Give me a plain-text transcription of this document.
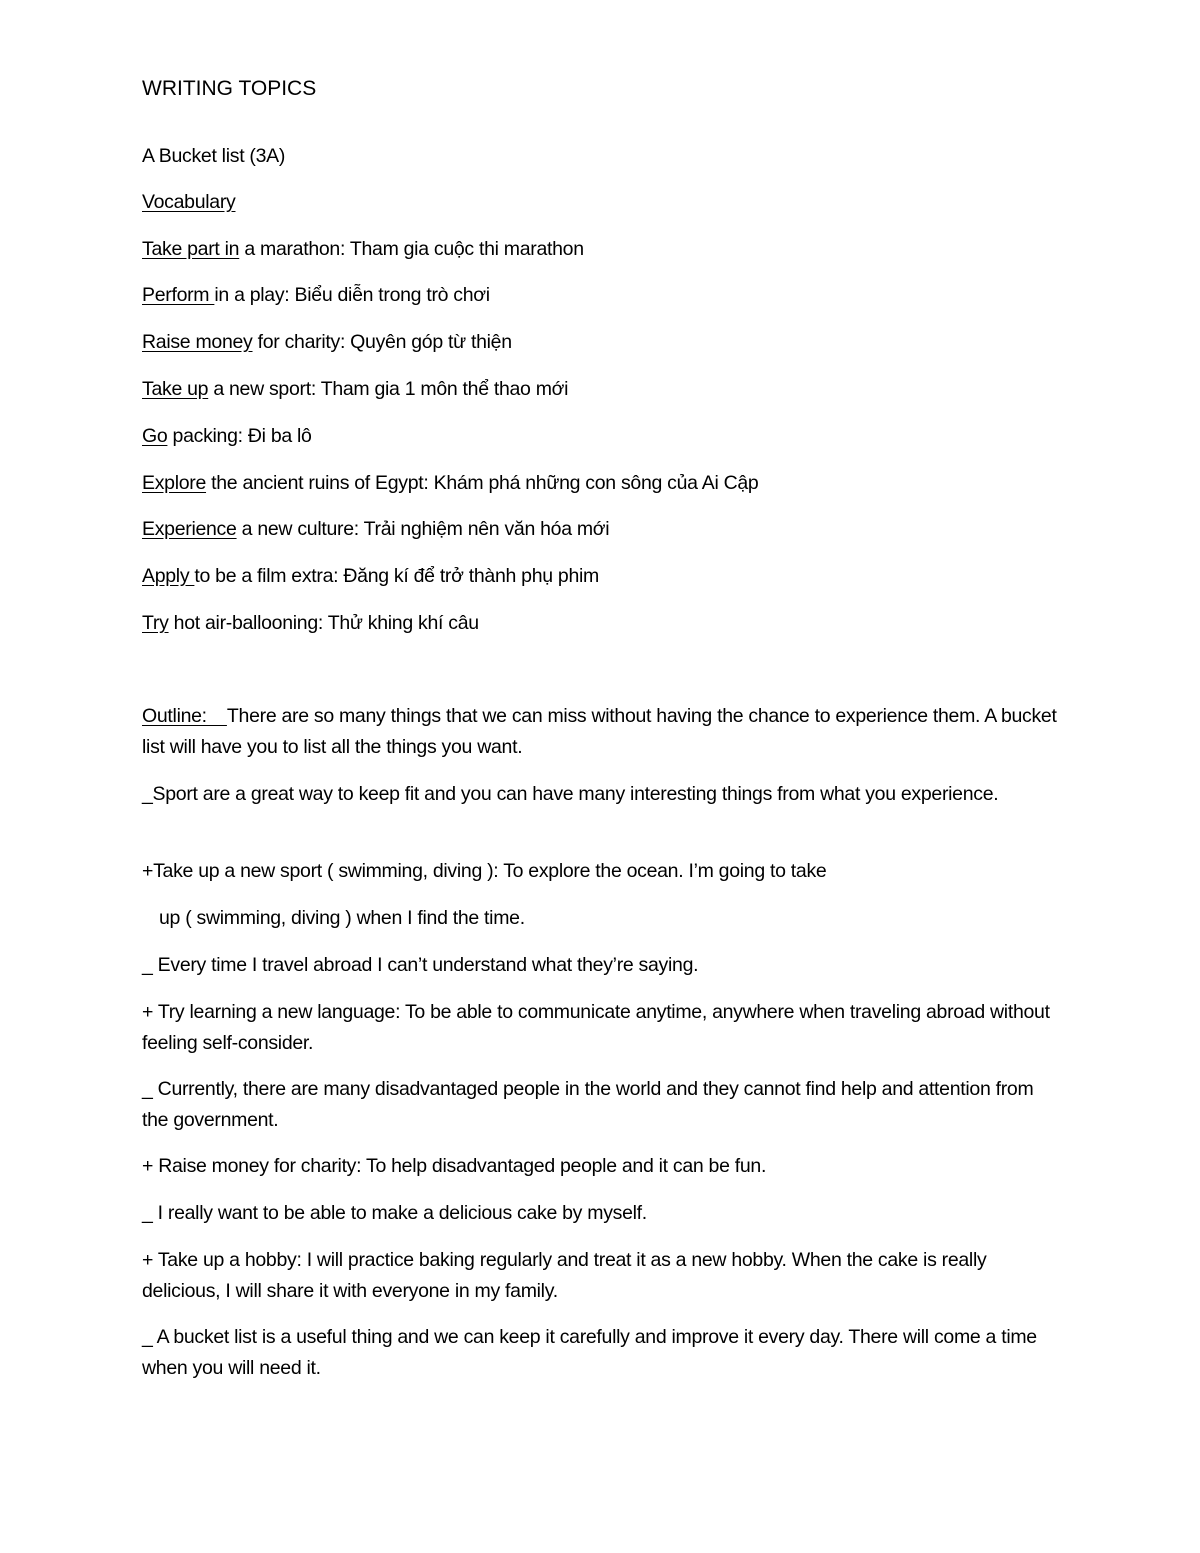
WRITING TOPICS
A Bucket list (3A)
Vocabulary
Take part in a marathon: Tham gia cuộc thi marathon
Perform in a play: Biểu diễn trong trò chơi
Raise money for charity: Quyên góp từ thiện
Take up a new sport: Tham gia 1 môn thể thao mới
Go packing: Đi ba lô
Explore the ancient ruins of Egypt: Khám phá những con sông của Ai Cập
Experience a new culture: Trải nghiệm nên văn hóa mới
Apply to be a film extra: Đăng kí để trở thành phụ phim
Try hot air-ballooning: Thử khing khí câu
Outline:    There are so many things that we can miss without having the chance to experience them. A bucket list will have you to list all the things you want.
_Sport are a great way to keep fit and you can have many interesting things from what you experience.
+Take up a new sport ( swimming, diving ): To explore the ocean. I’m going to take
up ( swimming, diving ) when I find the time.
_ Every time I travel abroad I can’t understand what they’re saying.
+ Try learning a new language: To be able to communicate anytime, anywhere when traveling abroad without feeling self-consider.
_ Currently, there are many disadvantaged people in the world and they cannot find help and attention from the government.
+ Raise money for charity: To help disadvantaged people and it can be fun.
_ I really want to be able to make a delicious cake by myself.
+ Take up a hobby: I will practice baking regularly and treat it as a new hobby. When the cake is really delicious, I will share it with everyone in my family.
_ A bucket list is a useful thing and we can keep it carefully and improve it every day. There will come a time when you will need it.
